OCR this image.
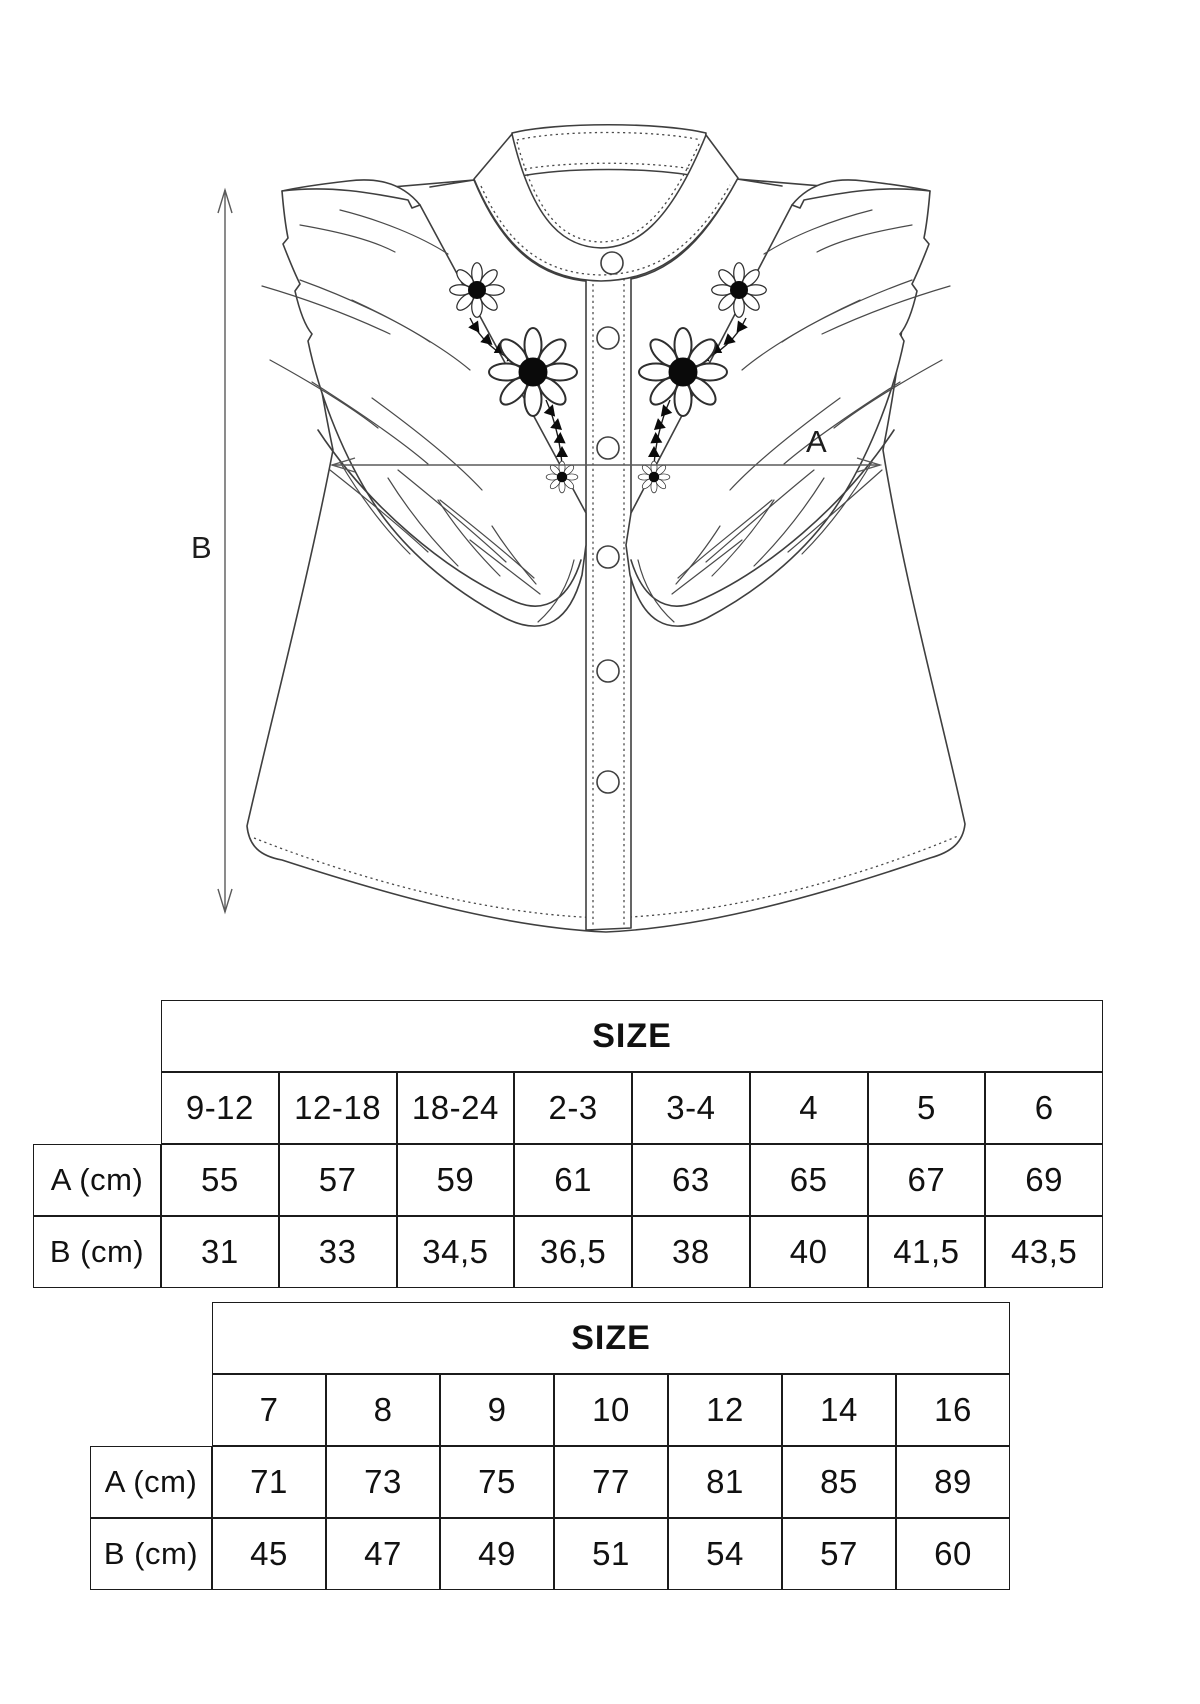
A
B
SIZE
9-12	12-18 18-24	2-3	3-4	4	5	6
A (cm)	55	57	59	61	63	65	67	69
B (cm)	31	33	34,5	36,5	38	40	41,5	43,5
SIZE
7	8	9	10	12	14	16
A (cm)	71	73	75	77	81	85	89
B (cm)	45	47	49	51	54	57	60
